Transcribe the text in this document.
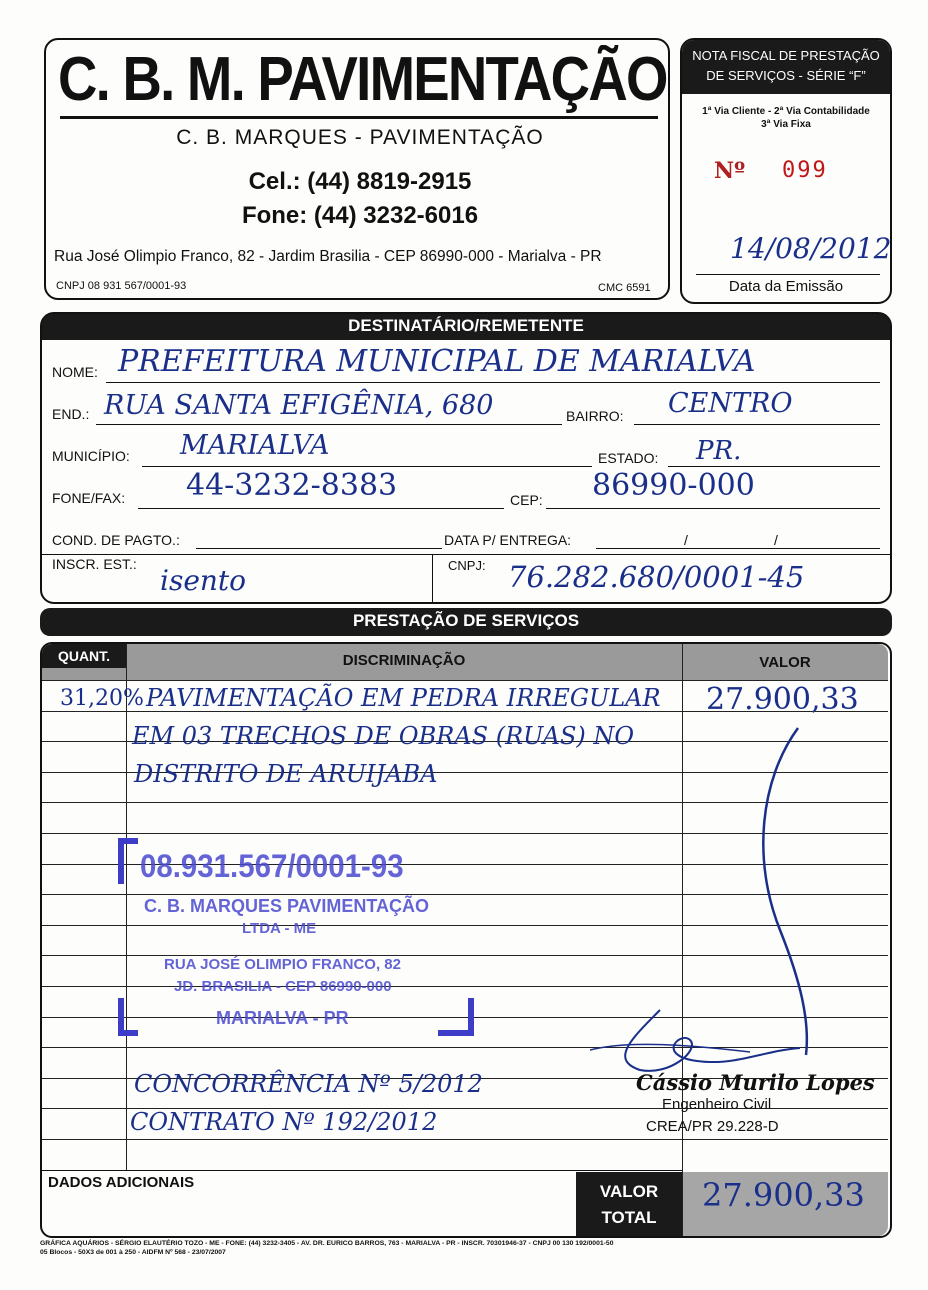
C. B. M. PAVIMENTAÇÃO
C. B. MARQUES - PAVIMENTAÇÃO
Cel.: (44) 8819-2915
Fone: (44) 3232-6016
Rua José Olimpio Franco, 82 - Jardim Brasilia - CEP 86990-000 - Marialva - PR
CNPJ 08 931 567/0001-93	CMC 6591
NOTA FISCAL DE PRESTAÇÃO
DE SERVIÇOS - SÉRIE “F”
1ª Via Cliente - 2ª Via Contabilidade
3ª Via Fixa
Nº 099
14/08/2012
Data da Emissão
DESTINATÁRIO/REMETENTE
NOME: PREFEITURA MUNICIPAL DE MARIALVA
END.: RUA SANTA EFIGÊNIA, 680	BAIRRO: CENTRO
MUNICÍPIO: MARIALVA	ESTADO: PR.
FONE/FAX: 44-3232-8383	CEP: 86990-000
COND. DE PAGTO.:	DATA P/ ENTREGA:	/	/
INSCR. EST.: isento	CNPJ: 76.282.680/0001-45
PRESTAÇÃO DE SERVIÇOS
QUANT.	DISCRIMINAÇÃO	VALOR
31,20% PAVIMENTAÇÃO EM PEDRA IRREGULAR 27.900,33
EM 03 TRECHOS DE OBRAS (RUAS) NO
DISTRITO DE ARUIJABA
08.931.567/0001-93
C. B. MARQUES PAVIMENTAÇÃO
LTDA - ME
RUA JOSÉ OLIMPIO FRANCO, 82
JD. BRASILIA - CEP 86990-000
MARIALVA - PR
CONCORRÊNCIA Nº 5/2012
CONTRATO Nº 192/2012
Cássio Murilo Lopes
Engenheiro Civil
CREA/PR 29.228-D
DADOS ADICIONAIS	VALOR
TOTAL
27.900,33
GRÁFICA AQUÁRIOS - SÉRGIO ELAUTÉRIO TOZO - ME - FONE: (44) 3232-3405 - AV. DR. EURICO BARROS, 763 - MARIALVA - PR - INSCR. 70301946-37 - CNPJ 00 130 192/0001-50
05 Blocos - 50X3 de 001 à 250 - AIDFM Nº 568 - 23/07/2007
